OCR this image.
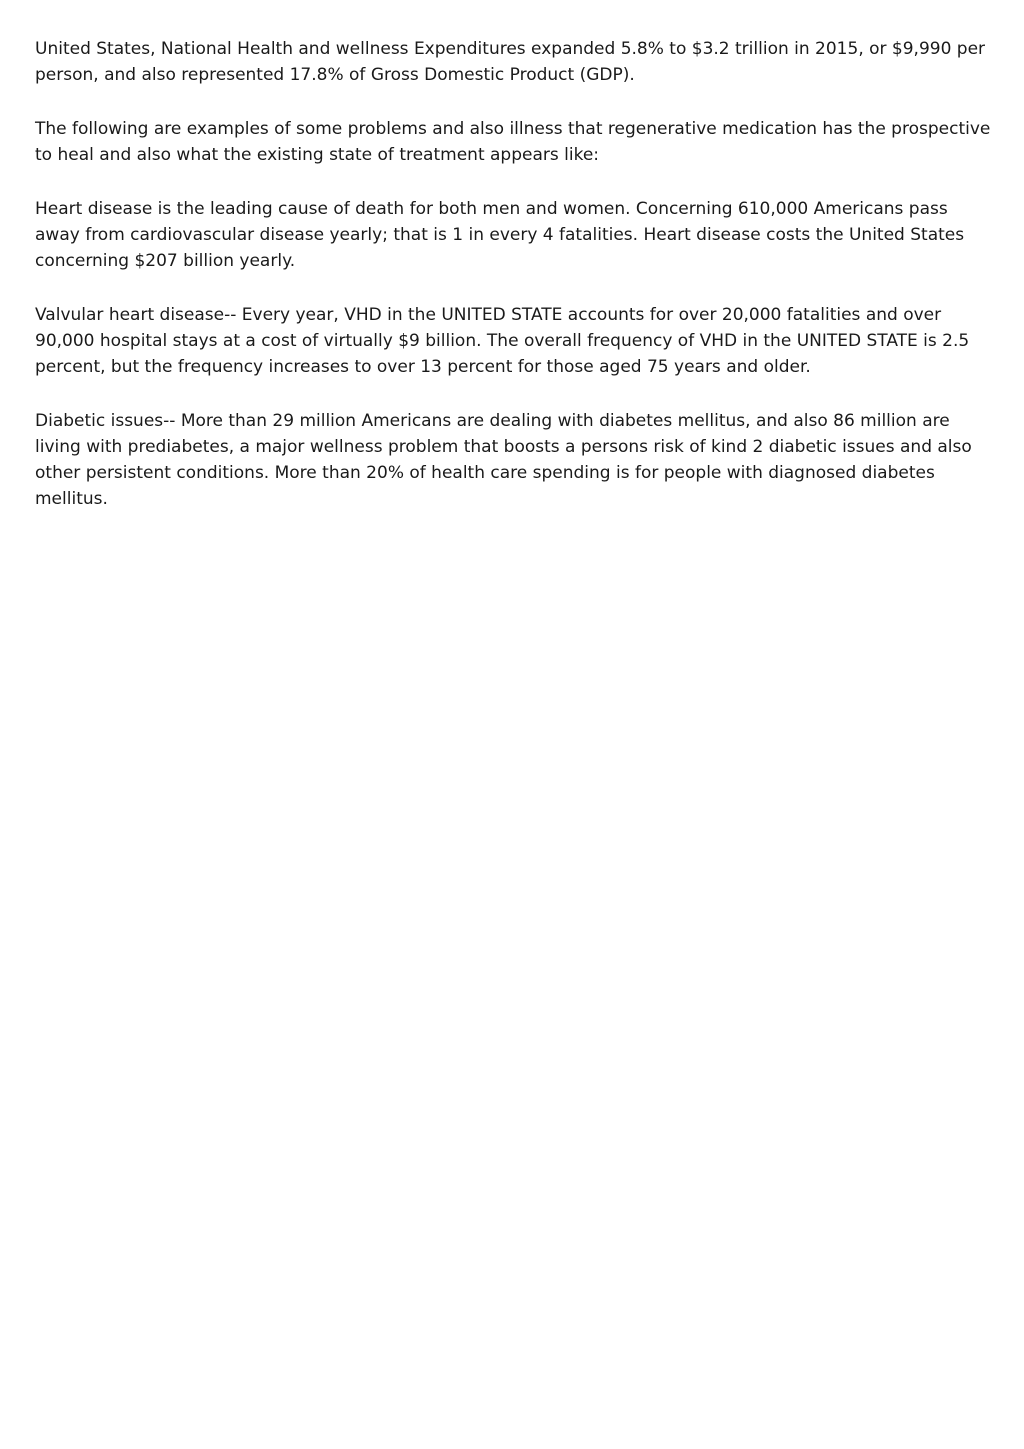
United States, National Health and wellness Expenditures expanded 5.8% to $3.2 trillion in 2015, or $9,990 per person, and also represented 17.8% of Gross Domestic Product (GDP).

The following are examples of some problems and also illness that regenerative medication has the prospective to heal and also what the existing state of treatment appears like:

Heart disease is the leading cause of death for both men and women. Concerning 610,000 Americans pass away from cardiovascular disease yearly; that is 1 in every 4 fatalities. Heart disease costs the United States concerning $207 billion yearly.

Valvular heart disease-- Every year, VHD in the UNITED STATE accounts for over 20,000 fatalities and over 90,000 hospital stays at a cost of virtually $9 billion. The overall frequency of VHD in the UNITED STATE is 2.5 percent, but the frequency increases to over 13 percent for those aged 75 years and older.

Diabetic issues-- More than 29 million Americans are dealing with diabetes mellitus, and also 86 million are living with prediabetes, a major wellness problem that boosts a persons risk of kind 2 diabetic issues and also other persistent conditions. More than 20% of health care spending is for people with diagnosed diabetes mellitus.
